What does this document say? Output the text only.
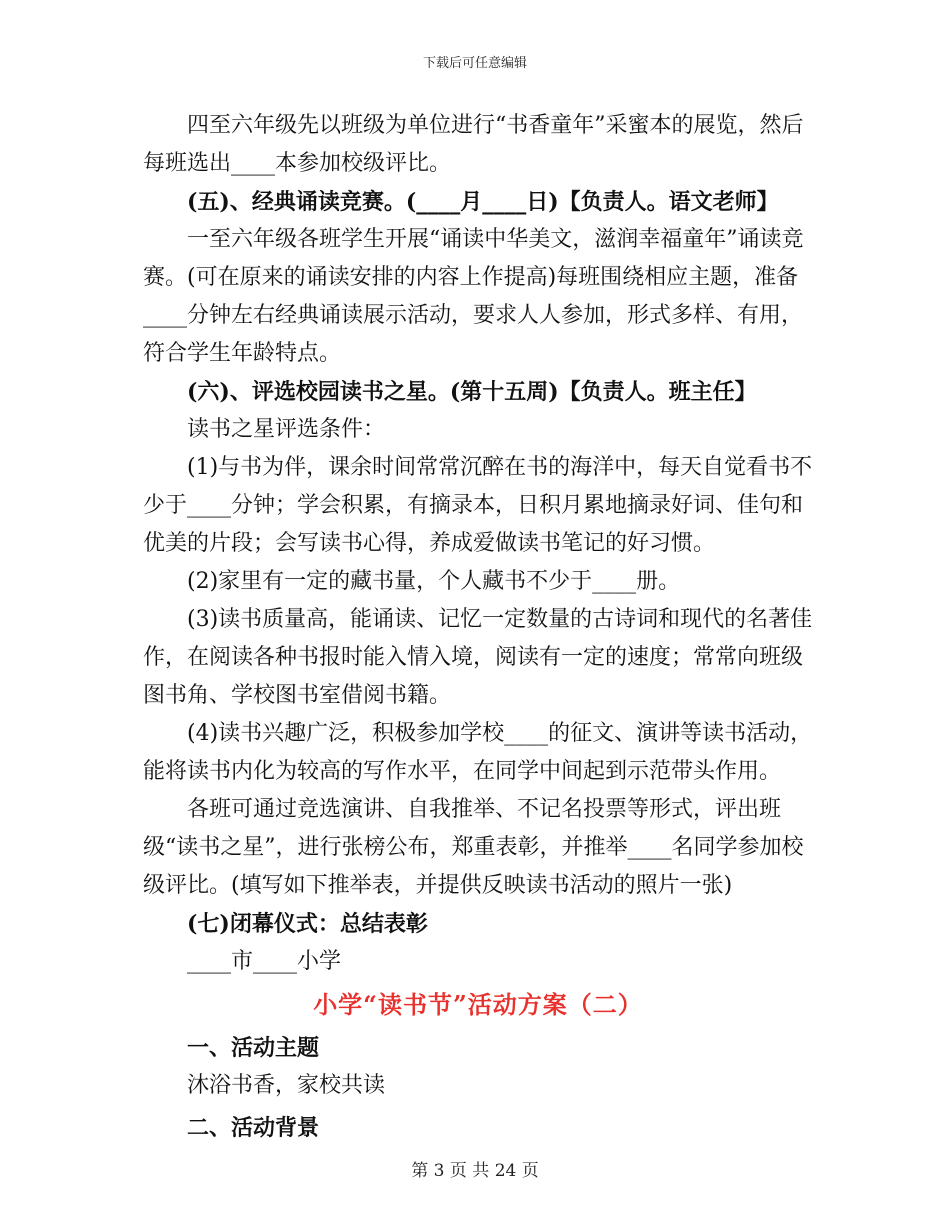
下载后可任意编辑

四至六年级先以班级为单位进行“书香童年”采蜜本的展览，然后每班选出____本参加校级评比。

(五)、经典诵读竞赛。(____月____日)【负责人。语文老师】

一至六年级各班学生开展“诵读中华美文，滋润幸福童年”诵读竞赛。(可在原来的诵读安排的内容上作提高)每班围绕相应主题，准备____分钟左右经典诵读展示活动，要求人人参加，形式多样、有用，符合学生年龄特点。

(六)、评选校园读书之星。(第十五周)【负责人。班主任】

读书之星评选条件：

(1)与书为伴，课余时间常常沉醉在书的海洋中，每天自觉看书不少于____分钟；学会积累，有摘录本，日积月累地摘录好词、佳句和优美的片段；会写读书心得，养成爱做读书笔记的好习惯。

(2)家里有一定的藏书量，个人藏书不少于____册。

(3)读书质量高，能诵读、记忆一定数量的古诗词和现代的名著佳作，在阅读各种书报时能入情入境，阅读有一定的速度；常常向班级图书角、学校图书室借阅书籍。

(4)读书兴趣广泛，积极参加学校____的征文、演讲等读书活动，能将读书内化为较高的写作水平，在同学中间起到示范带头作用。

各班可通过竞选演讲、自我推举、不记名投票等形式，评出班级“读书之星”，进行张榜公布，郑重表彰，并推举____名同学参加校级评比。(填写如下推举表，并提供反映读书活动的照片一张)

(七)闭幕仪式：总结表彰

____市____小学

小学“读书节”活动方案（二）

一、活动主题

沐浴书香，家校共读

二、活动背景

第 3 页 共 24 页
